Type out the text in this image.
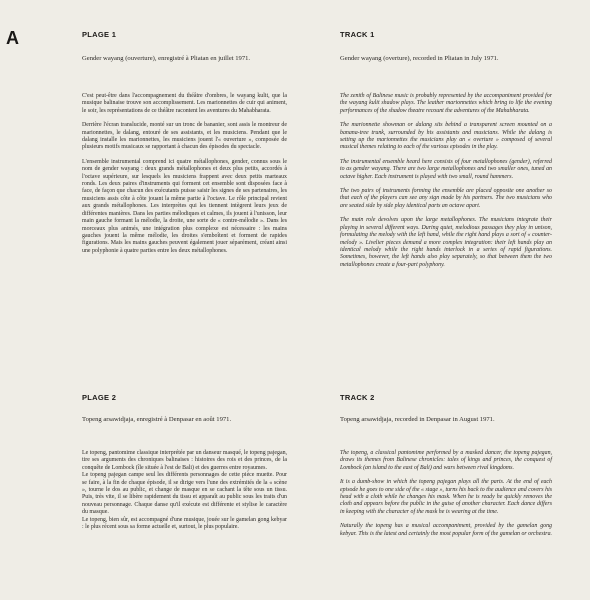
A	PLAGE 1

Gender wayang (ouverture), enregistré à Pliatan en juillet 1971.

C'est peut-être dans l'accompagnement du théâtre d'ombres, le wayang kulit, que la musique balinaise trouve son accomplissement. Les marionnettes de cuir qui animent, le soir, les représentations de ce théâtre racontent les aventures du Mahabharata.

Derrière l'écran translucide, monté sur un tronc de bananier, sont assis le montreur de marionnettes, le dalang, entouré de ses assistants, et les musiciens. Pendant que le dalang installe les marionnettes, les musiciens jouent l'« ouverture », composée de plusieurs motifs musicaux se rapportant à chacun des épisodes du spectacle.

L'ensemble instrumental comprend ici quatre métallophones, gender, connus sous le nom de gender wayang : deux grands métallophones et deux plus petits, accordés à l'octave supérieure, sur lesquels les musiciens frappent avec deux petits marteaux ronds. Les deux paires d'instruments qui forment cet ensemble sont disposées face à face, de façon que chacun des exécutants puisse saisir les signes de ses partenaires, les musiciens assis côte à côte jouant la même partie à l'octave. Le rôle principal revient aux grands métallophones. Les interprètes qui les tiennent intègrent leurs jeux de différentes manières. Dans les parties mélodiques et calmes, ils jouent à l'unisson, leur main gauche formant la mélodie, la droite, une sorte de « contre-mélodie ». Dans les morceaux plus animés, une intégration plus complexe est nécessaire : les mains gauches jouent la même mélodie, les droites s'emboîtent et forment de rapides figurations. Mais les mains gauches peuvent également jouer séparément, créant ainsi une polyphonie à quatre parties entre les deux métallophones.

TRACK 1

Gender wayang (overture), recorded in Pliatan in July 1971.

The zenith of Balinese music is probably represented by the accompaniment provided for the wayang kulit shadow plays. The leather marionnettes which bring to life the evening performances of the shadow theatre recount the adventures of the Mahabharata.

The marionnette showman or dalang sits behind a transparent screen mounted on a banana-tree trunk, surrounded by his assistants and musicians. While the dalang is setting up the marionnettes the musicians play an « overture » composed of several musical themes relating to each of the various episodes in the play.

The instrumental ensemble heard here consists of four metallophones (gender), referred to as gender wayang. There are two large metallophones and two smaller ones, tuned an octave higher. Each instrument is played with two small, round hammers.

The two pairs of instruments forming the ensemble are placed opposite one another so that each of the players can see any sign made by his partners. The two musicians who are seated side by side play identical parts an octave apart.

The main role devolves upon the large metallophones. The musicians integrate their playing in several different ways. During quiet, melodious passages they play in unison, formulating the melody with the left hand, while the right hand plays a sort of « counter-melody ». Livelier pieces demand a more complex integration: their left hands play an identical melody while the right hands interlock in a series of rapid figurations. Sometimes, however, the left hands also play separately, so that between them the two metallophones create a four-part polyphony.

PLAGE 2

Topeng arsawidjaja, enregistré à Denpasar en août 1971.

Le topeng, pantomime classique interprétée par un danseur masqué, le topeng pajegan, tire ses arguments des chroniques balinaises : histoires des rois et des princes, de la conquête de Lombock (île située à l'est de Bali) et des guerres entre royaumes.

Le topeng pajegan campe seul les différents personnages de cette pièce muette. Pour se faire, à la fin de chaque épisode, il se dirige vers l'une des extrémités de la « scène », tourne le dos au public, et change de masque en se cachant la tête sous un tissu. Puis, très vite, il se libère rapidement du tissu et apparaît au public sous les traits d'un nouveau personnage. Chaque danse qu'il exécute est différente et stylise le caractère du masque.

Le topeng, bien sûr, est accompagné d'une musique, jouée sur le gamelan gong kebyar : le plus récent sous sa forme actuelle et, surtout, le plus populaire.

TRACK 2

Topeng arsawidjaja, recorded in Denpasar in August 1971.

The topeng, a classical pantomime performed by a masked dancer, the topeng pajegan, draws its themes from Balinese chronicles: tales of kings and princes, the conquest of Lombock (an island to the east of Bali) and wars between rival kingdoms.

It is a dumb-show in which the topeng pajegan plays all the parts. At the end of each episode he goes to one side of the « stage », turns his back to the audience and covers his head with a cloth while he changes his mask. When he is ready he quickly removes the cloth and appears before the public in the guise of another character. Each dance differs in keeping with the character of the mask he is wearing at the time.

Naturally the topeng has a musical accompaniment, provided by the gamelan gong kebyar. This is the latest and certainly the most popular form of the gamelan or orchestra.
